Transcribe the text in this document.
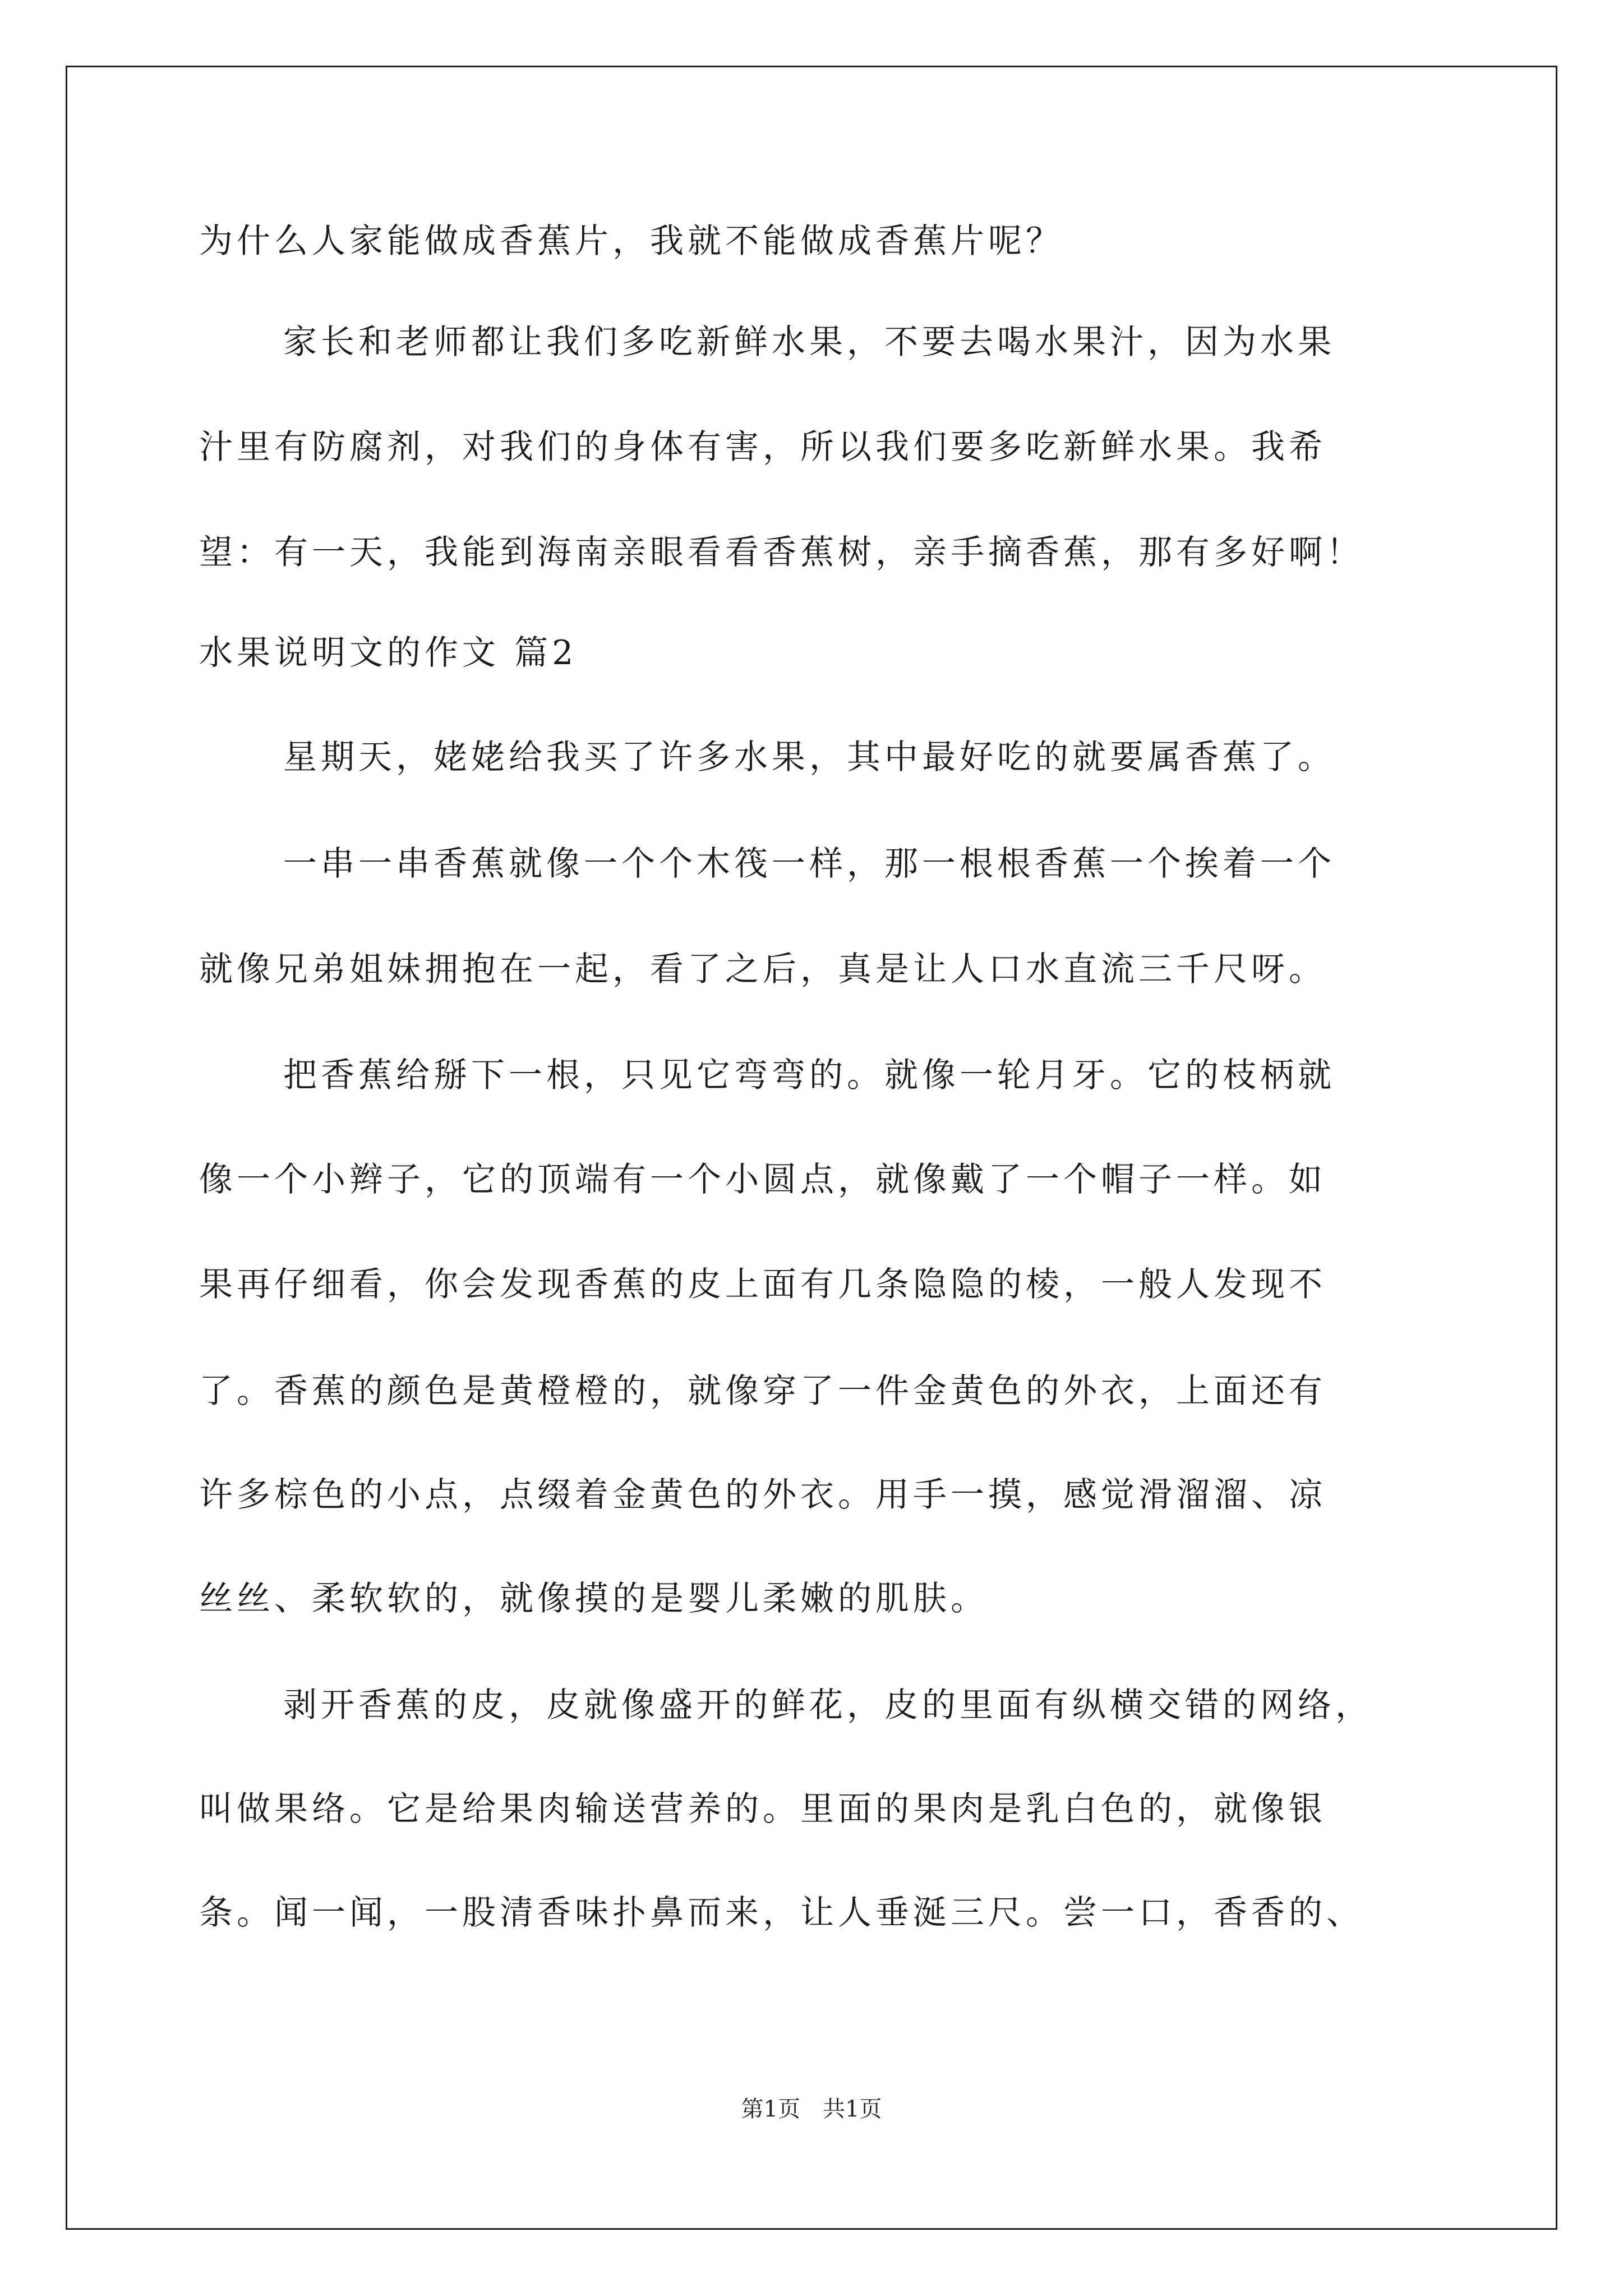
为什么人家能做成香蕉片，我就不能做成香蕉片呢？
家长和老师都让我们多吃新鲜水果，不要去喝水果汁，因为水果
汁里有防腐剂，对我们的身体有害，所以我们要多吃新鲜水果。我希
望：有一天，我能到海南亲眼看看香蕉树，亲手摘香蕉，那有多好啊！
水果说明文的作文 篇2
星期天，姥姥给我买了许多水果，其中最好吃的就要属香蕉了。
一串一串香蕉就像一个个木筏一样，那一根根香蕉一个挨着一个
就像兄弟姐妹拥抱在一起，看了之后，真是让人口水直流三千尺呀。
把香蕉给掰下一根，只见它弯弯的。就像一轮月牙。它的枝柄就
像一个小辫子，它的顶端有一个小圆点，就像戴了一个帽子一样。如
果再仔细看，你会发现香蕉的皮上面有几条隐隐的棱，一般人发现不
了。香蕉的颜色是黄橙橙的，就像穿了一件金黄色的外衣，上面还有
许多棕色的小点，点缀着金黄色的外衣。用手一摸，感觉滑溜溜、凉
丝丝、柔软软的，就像摸的是婴儿柔嫩的肌肤。
剥开香蕉的皮，皮就像盛开的鲜花，皮的里面有纵横交错的网络，
叫做果络。它是给果肉输送营养的。里面的果肉是乳白色的，就像银
条。闻一闻，一股清香味扑鼻而来，让人垂涎三尺。尝一口，香香的、
第1页　共1页
